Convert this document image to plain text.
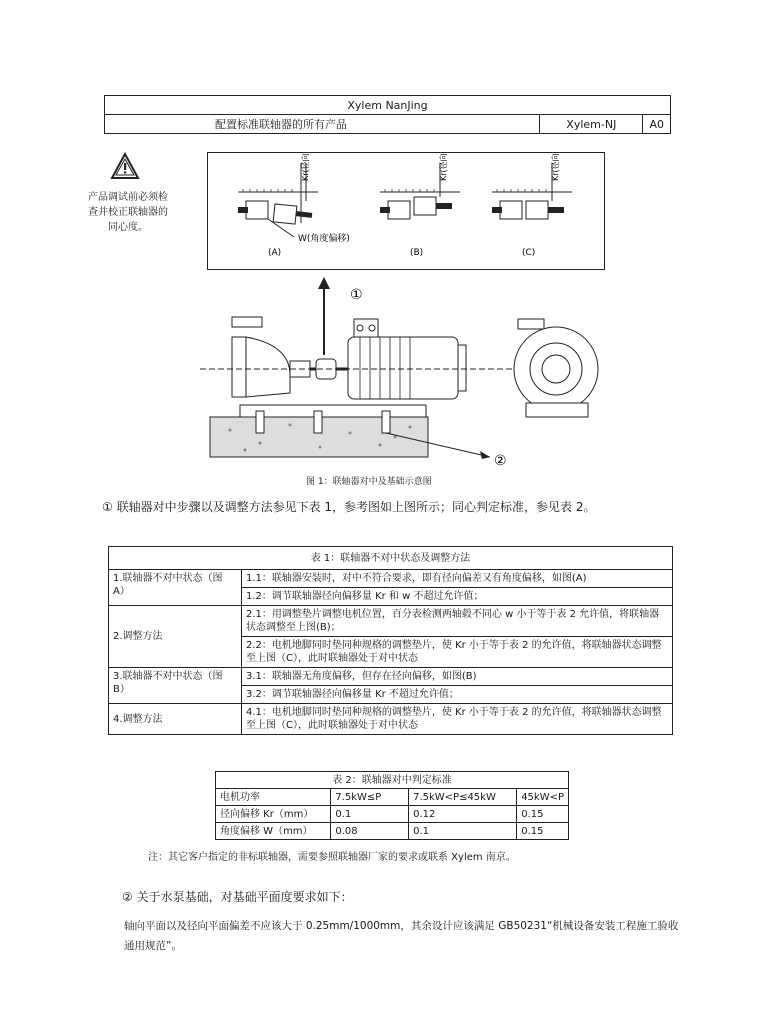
Xylem NanJing
配置标准联轴器的所有产品	Xylem-NJ	A0
产品调试前必须检
查并校正联轴器的
同心度。
Kr(径向偏移)
W(角度偏移)
(A)
Kr(径向偏移)
(B)
Kr(径向偏移)
(C)
①
②
图 1：联轴器对中及基础示意图
① 联轴器对中步骤以及调整方法参见下表 1，参考图如上图所示；同心判定标准，参见表 2。
表 1：联轴器不对中状态及调整方法	
1.联轴器不对中状态（图 A）	1.1：联轴器安装时，对中不符合要求，即有径向偏差又有角度偏移，如图(A)
	1.2：调节联轴器径向偏移量 Kr 和 w 不超过允许值；
2.调整方法	2.1：用调整垫片调整电机位置，百分表检测两轴毂不同心 w 小于等于表 2 允许值，将联轴器状态调整至上图(B)；
	2.2：电机地脚同时垫同种规格的调整垫片，使 Kr 小于等于表 2 的允许值，将联轴器状态调整至上图（C），此时联轴器处于对中状态
3.联轴器不对中状态（图 B）	3.1：联轴器无角度偏移，但存在径向偏移，如图(B)
	3.2：调节联轴器径向偏移量 Kr 不超过允许值；
4.调整方法	4.1：电机地脚同时垫同种规格的调整垫片，使 Kr 小于等于表 2 的允许值，将联轴器状态调整至上图（C），此时联轴器处于对中状态
表 2：联轴器对中判定标准			
电机功率	7.5kW≤P	7.5kW<P≤45kW	45kW<P
径向偏移 Kr（mm）	0.1	0.12	0.15
角度偏移 W（mm）	0.08	0.1	0.15
注：其它客户指定的非标联轴器，需要参照联轴器厂家的要求或联系 Xylem 南京。
② 关于水泵基础，对基础平面度要求如下：
轴向平面以及径向平面偏差不应该大于 0.25mm/1000mm，其余设计应该满足 GB50231“机械设备安装工程施工验收通用规范”。
